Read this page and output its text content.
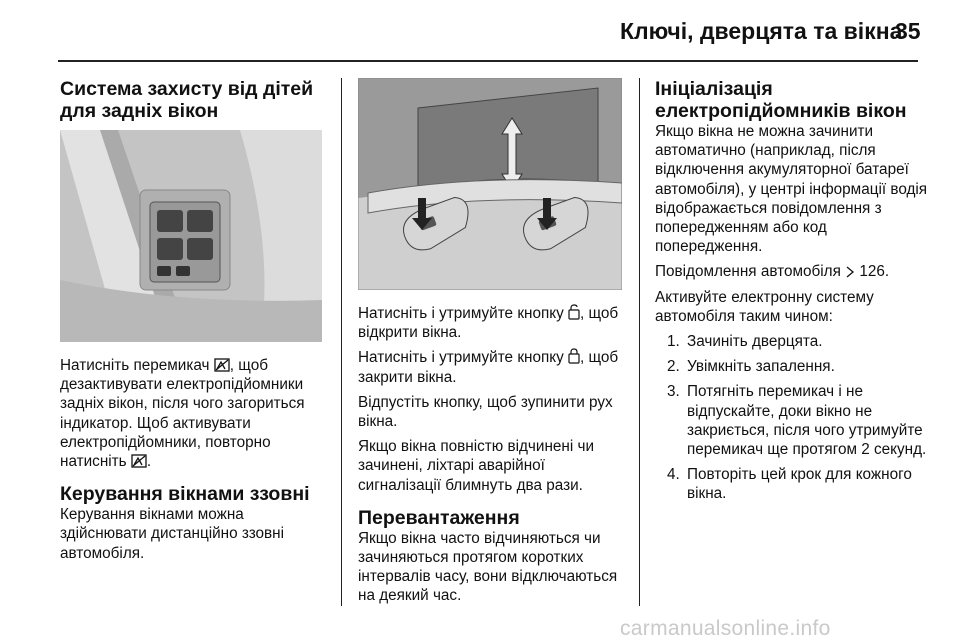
Ключі, дверцята та вікна
35
Система захисту від дітей для задніх вікон

Натисніть перемикач , щоб дезактивувати електропідйомники задніх вікон, після чого загориться індикатор. Щоб активувати електропідйомники, повторно натисніть .

Керування вікнами ззовні

Керування вікнами можна здійснювати дистанційно ззовні автомобіля.

Натисніть і утримуйте кнопку , щоб відкрити вікна.

Натисніть і утримуйте кнопку , щоб закрити вікна.

Відпустіть кнопку, щоб зупинити рух вікна.

Якщо вікна повністю відчинені чи зачинені, ліхтарі аварійної сигналізації блимнуть два рази.

Перевантаження

Якщо вікна часто відчиняються чи зачиняються протягом коротких інтервалів часу, вони відключаються на деякий час.

Ініціалізація
електропідйомників вікон

Якщо вікна не можна зачинити автоматично (наприклад, після відключення акумуляторної батареї автомобіля), у центрі інформації водія відображається повідомлення з попередженням або код попередження.

Повідомлення автомобіля  126.

Активуйте електронну систему автомобіля таким чином:

1. Зачиніть дверцята.
2. Увімкніть запалення.
3. Потягніть перемикач і не відпускайте, доки вікно не закриється, після чого утримуйте перемикач ще протягом 2 секунд.
4. Повторіть цей крок для кожного вікна.
carmanualsonline.info
